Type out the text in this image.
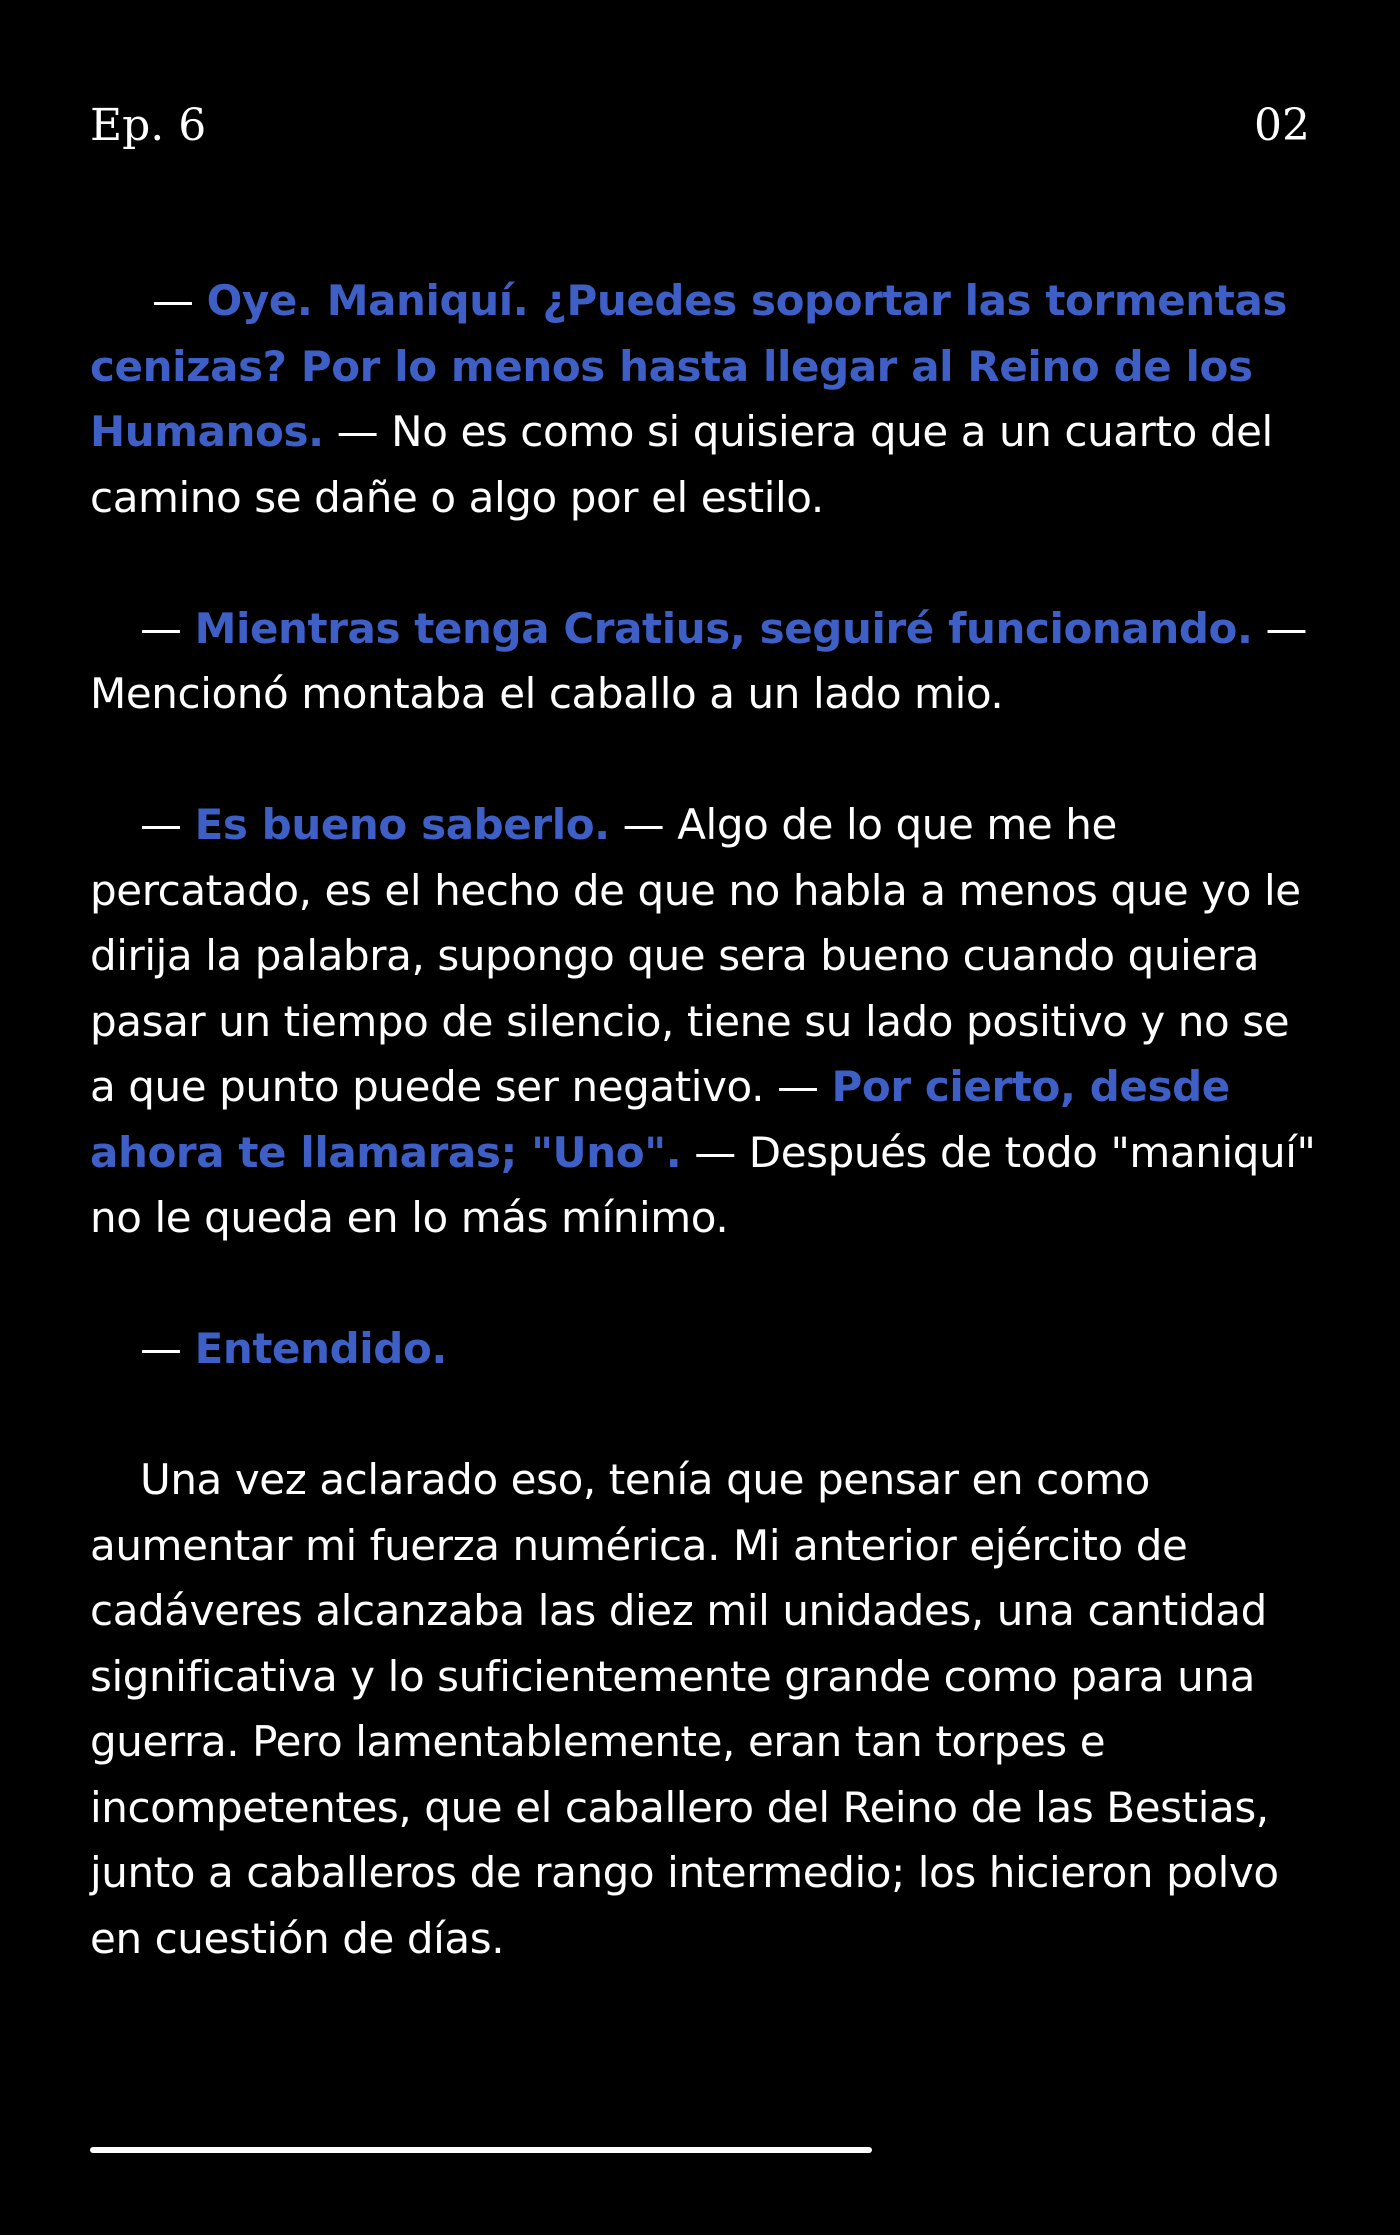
Ep. 6	02

— Oye. Maniquí. ¿Puedes soportar las tormentas cenizas? Por lo menos hasta llegar al Reino de los Humanos. — No es como si quisiera que a un cuarto del camino se dañe o algo por el estilo.

— Mientras tenga Cratius, seguiré funcionando. — Mencionó montaba el caballo a un lado mio.

— Es bueno saberlo. — Algo de lo que me he percatado, es el hecho de que no habla a menos que yo le dirija la palabra, supongo que sera bueno cuando quiera pasar un tiempo de silencio, tiene su lado positivo y no se a que punto puede ser negativo. — Por cierto, desde ahora te llamaras; "Uno". — Después de todo "maniquí" no le queda en lo más mínimo.

— Entendido.

Una vez aclarado eso, tenía que pensar en como aumentar mi fuerza numérica. Mi anterior ejército de cadáveres alcanzaba las diez mil unidades, una cantidad significativa y lo suficientemente grande como para una guerra. Pero lamentablemente, eran tan torpes e incompetentes, que el caballero del Reino de las Bestias, junto a caballeros de rango intermedio; los hicieron polvo en cuestión de días.
